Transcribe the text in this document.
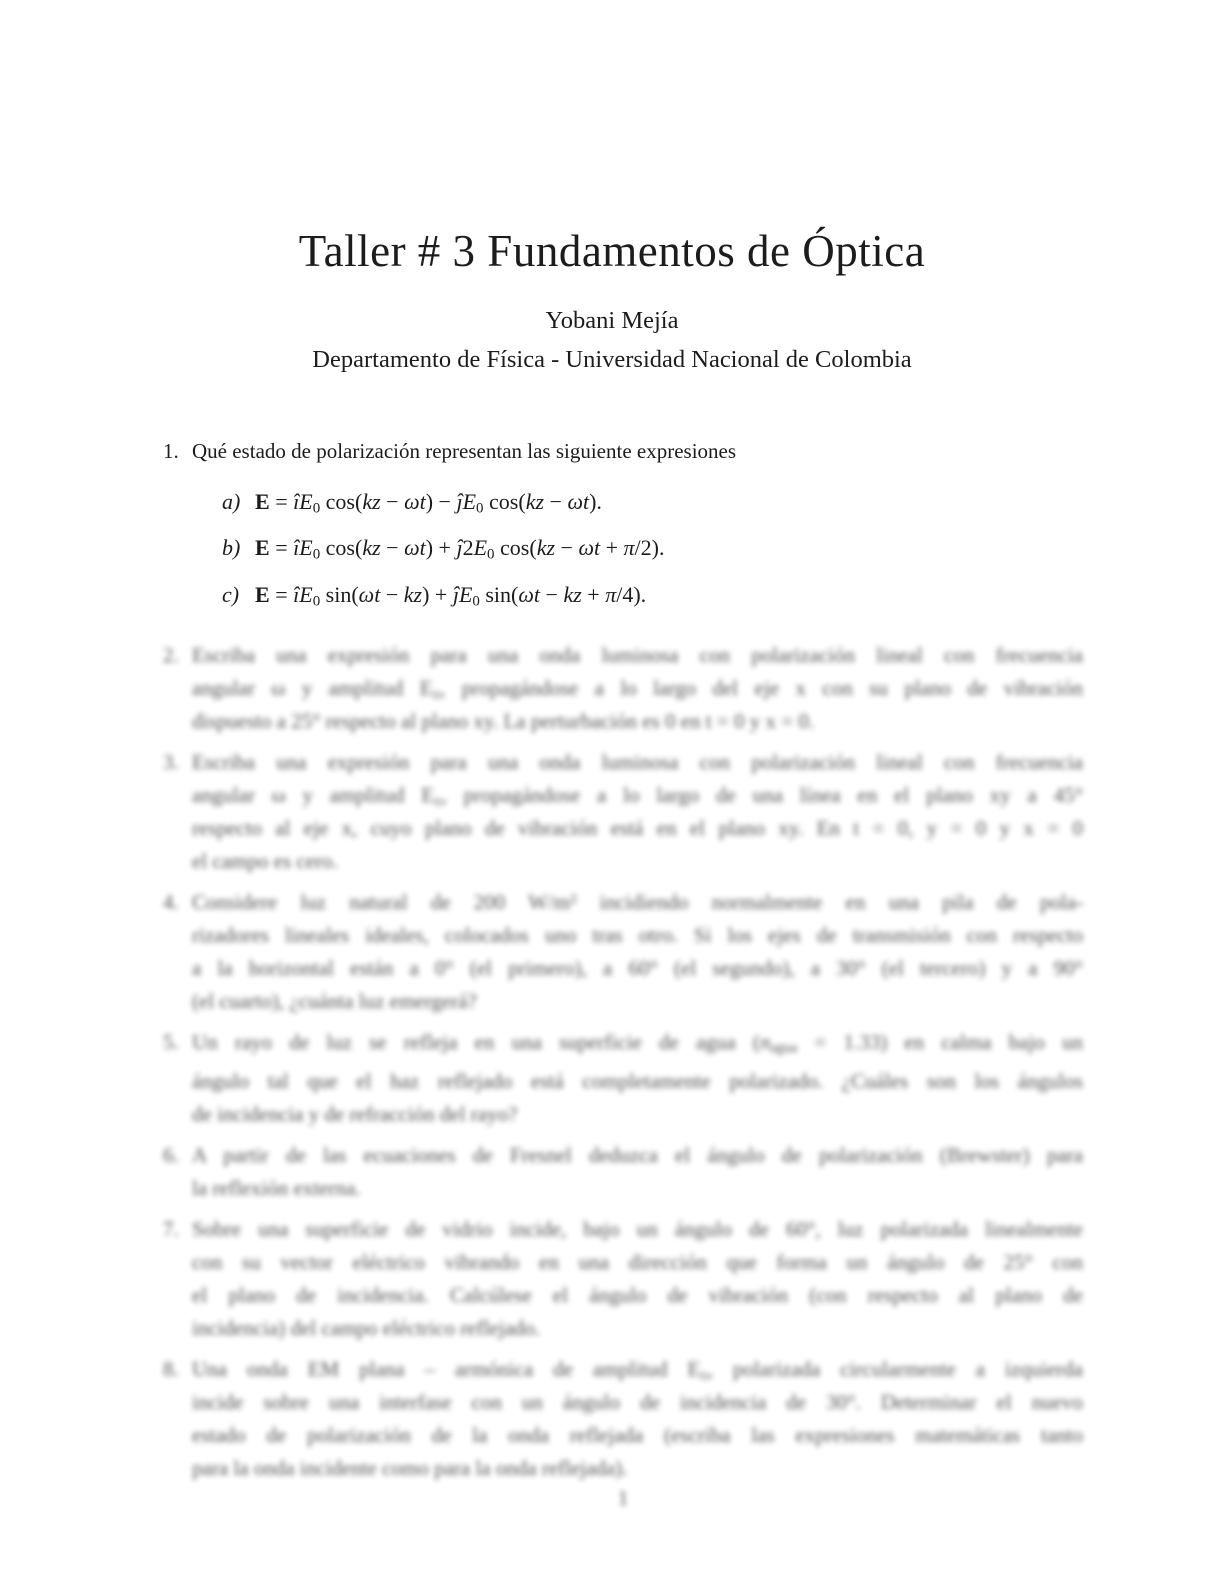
Taller # 3 Fundamentos de Óptica
Yobani Mejía
Departamento de Física - Universidad Nacional de Colombia
1. Qué estado de polarización representan las siguiente expresiones
a) E = îE0 cos(kz − ωt) − ĵE0 cos(kz − ωt).
b) E = îE0 cos(kz − ωt) + ĵ2E0 cos(kz − ωt + π/2).
c) E = îE0 sin(ωt − kz) + ĵE0 sin(ωt − kz + π/4).
2. Escriba una expresión para una onda luminosa con polarización lineal con frecuencia
angular ω y amplitud E₀, propagándose a lo largo del eje x con su plano de vibración
dispuesto a 25° respecto al plano xy. La perturbación es 0 en t = 0 y x = 0.
3. Escriba una expresión para una onda luminosa con polarización lineal con frecuencia
angular ω y amplitud E₀, propagándose a lo largo de una línea en el plano xy a 45°
respecto al eje x, cuyo plano de vibración está en el plano xy. En t = 0, y = 0 y x = 0
el campo es cero.
4. Considere luz natural de 200 W/m² incidiendo normalmente en una pila de pola-
rizadores lineales ideales, colocados uno tras otro. Si los ejes de transmisión con respecto
a la horizontal están a 0° (el primero), a 60° (el segundo), a 30° (el tercero) y a 90°
(el cuarto), ¿cuánta luz emergerá?
5. Un rayo de luz se refleja en una superficie de agua (nagua = 1.33) en calma bajo un
ángulo tal que el haz reflejado está completamente polarizado. ¿Cuáles son los ángulos
de incidencia y de refracción del rayo?
6. A partir de las ecuaciones de Fresnel deduzca el ángulo de polarización (Brewster) para
la reflexión externa.
7. Sobre una superficie de vidrio incide, bajo un ángulo de 60°, luz polarizada linealmente
con su vector eléctrico vibrando en una dirección que forma un ángulo de 25° con
el plano de incidencia. Calcúlese el ángulo de vibración (con respecto al plano de
incidencia) del campo eléctrico reflejado.
8. Una onda EM plana – armónica de amplitud E₀, polarizada circularmente a izquierda
incide sobre una interfase con un ángulo de incidencia de 30°. Determinar el nuevo
estado de polarización de la onda reflejada (escriba las expresiones matemáticas tanto
para la onda incidente como para la onda reflejada).
1
